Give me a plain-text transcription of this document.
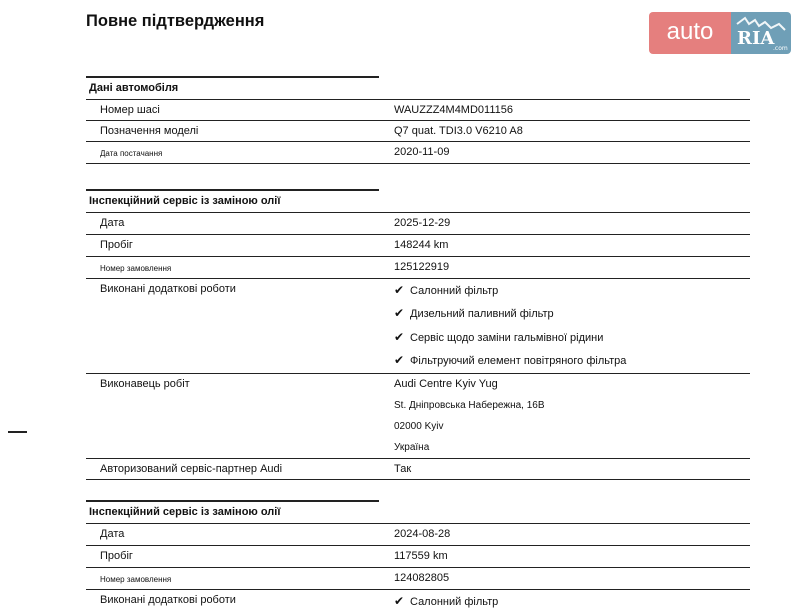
Повне підтвердження	auto	RIA
.com
Дані автомобіля
Номер шасі	WAUZZZ4M4MD011156
Позначення моделі	Q7 quat. TDI3.0 V6210 A8
Дата постачання	2020-11-09
Інспекційний сервіс із заміною олії
Дата	2025-12-29
Пробіг	148244 km
Номер замовлення	125122919
Виконані додаткові роботи	✔ Салонний фільтр
✔ Дизельний паливний фільтр
✔ Сервіс щодо заміни гальмівної рідини
✔ Фільтруючий елемент повітряного фільтра
Виконавець робіт	Audi Centre Kyiv Yug
St. Дніпровська Набережна, 16В
02000 Kyiv
Україна
Авторизований сервіс-партнер Audi	Так
Інспекційний сервіс із заміною олії
Дата	2024-08-28
Пробіг	117559 km
Номер замовлення	124082805
Виконані додаткові роботи	✔ Салонний фільтр
